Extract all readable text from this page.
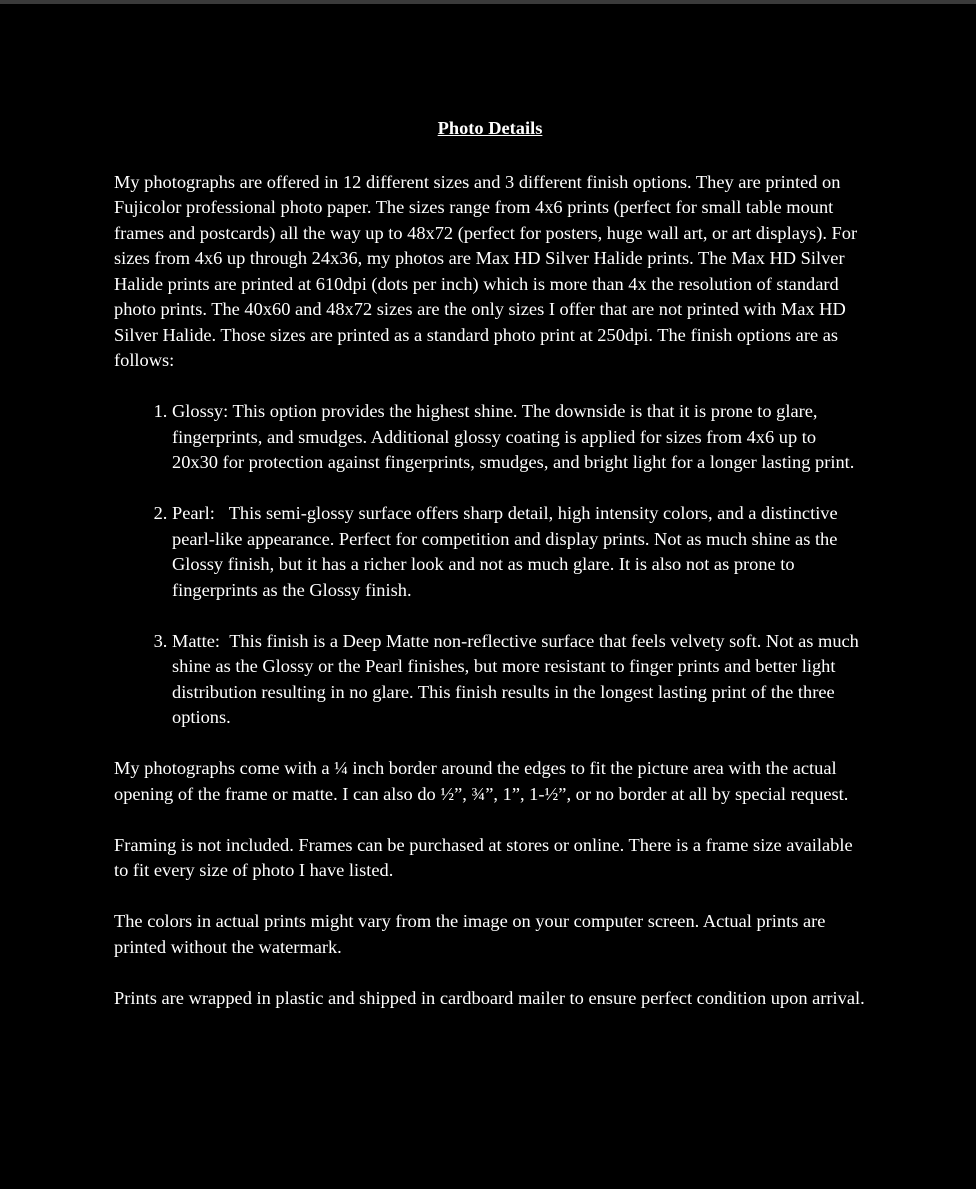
Photo Details

My photographs are offered in 12 different sizes and 3 different finish options. They are printed on Fujicolor professional photo paper. The sizes range from 4x6 prints (perfect for small table mount frames and postcards) all the way up to 48x72 (perfect for posters, huge wall art, or art displays). For sizes from 4x6 up through 24x36, my photos are Max HD Silver Halide prints. The Max HD Silver Halide prints are printed at 610dpi (dots per inch) which is more than 4x the resolution of standard photo prints. The 40x60 and 48x72 sizes are the only sizes I offer that are not printed with Max HD Silver Halide. Those sizes are printed as a standard photo print at 250dpi. The finish options are as follows:

1. Glossy: This option provides the highest shine. The downside is that it is prone to glare, fingerprints, and smudges. Additional glossy coating is applied for sizes from 4x6 up to 20x30 for protection against fingerprints, smudges, and bright light for a longer lasting print.
2. Pearl:   This semi-glossy surface offers sharp detail, high intensity colors, and a distinctive pearl-like appearance. Perfect for competition and display prints. Not as much shine as the Glossy finish, but it has a richer look and not as much glare. It is also not as prone to fingerprints as the Glossy finish.
3. Matte:  This finish is a Deep Matte non-reflective surface that feels velvety soft. Not as much shine as the Glossy or the Pearl finishes, but more resistant to finger prints and better light distribution resulting in no glare. This finish results in the longest lasting print of the three options.

My photographs come with a ¼ inch border around the edges to fit the picture area with the actual opening of the frame or matte. I can also do ½”, ¾”, 1”, 1-½”, or no border at all by special request.

Framing is not included. Frames can be purchased at stores or online. There is a frame size available to fit every size of photo I have listed.

The colors in actual prints might vary from the image on your computer screen. Actual prints are printed without the watermark.

Prints are wrapped in plastic and shipped in cardboard mailer to ensure perfect condition upon arrival.
